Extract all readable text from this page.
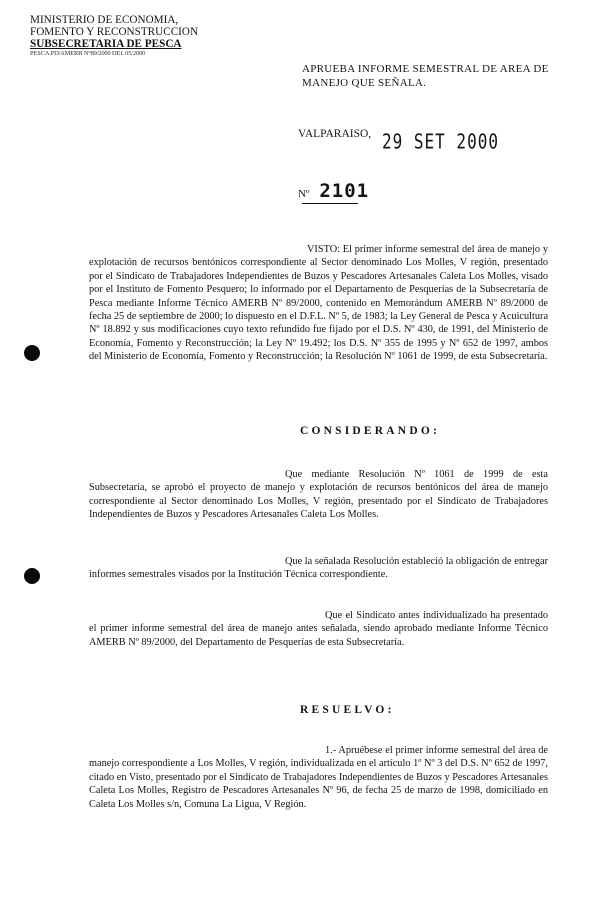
MINISTERIO DE ECONOMIA,
FOMENTO Y RECONSTRUCCION
SUBSECRETARIA DE PESCA
PESCA.PD/AMERB N°89/2000 DEL 05/2000
APRUEBA INFORME SEMESTRAL DE AREA DE MANEJO QUE SEÑALA.
VALPARAISO, 29 SET 2000
Nº 2101

VISTO: El primer informe semestral del área de manejo y explotación de recursos bentónicos correspondiente al Sector denominado Los Molles, V región, presentado por el Sindicato de Trabajadores Independientes de Buzos y Pescadores Artesanales Caleta Los Molles, visado por el Instituto de Fomento Pesquero; lo informado por el Departamento de Pesquerías de la Subsecretaría de Pesca mediante Informe Técnico AMERB Nº 89/2000, contenido en Memorándum AMERB Nº 89/2000 de fecha 25 de septiembre de 2000; lo dispuesto en el D.F.L. Nº 5, de 1983; la Ley General de Pesca y Acuicultura Nº 18.892 y sus modificaciones cuyo texto refundido fue fijado por el D.S. Nº 430, de 1991, del Ministerio de Economía, Fomento y Reconstrucción; la Ley Nº 19.492; los D.S. Nº 355 de 1995 y Nº 652 de 1997, ambos del Ministerio de Economía, Fomento y Reconstrucción; la Resolución Nº 1061 de 1999, de esta Subsecretaría.

CONSIDERANDO:

Que mediante Resolución Nº 1061 de 1999 de esta Subsecretaría, se aprobó el proyecto de manejo y explotación de recursos bentónicos del área de manejo correspondiente al Sector denominado Los Molles, V región, presentado por el Sindicato de Trabajadores Independientes de Buzos y Pescadores Artesanales Caleta Los Molles.

Que la señalada Resolución estableció la obligación de entregar informes semestrales visados por la Institución Técnica correspondiente.

Que el Sindicato antes individualizado ha presentado el primer informe semestral del área de manejo antes señalada, siendo aprobado mediante Informe Técnico AMERB Nº 89/2000, del Departamento de Pesquerías de esta Subsecretaría.

RESUELVO:

1.- Apruébese el primer informe semestral del área de manejo correspondiente a Los Molles, V región, individualizada en el artículo 1º Nº 3 del D.S. Nº 652 de 1997, citado en Visto, presentado por el Sindicato de Trabajadores Independientes de Buzos y Pescadores Artesanales Caleta Los Molles, Registro de Pescadores Artesanales Nº 96, de fecha 25 de marzo de 1998, domiciliado en Caleta Los Molles s/n, Comuna La Ligua, V Región.
